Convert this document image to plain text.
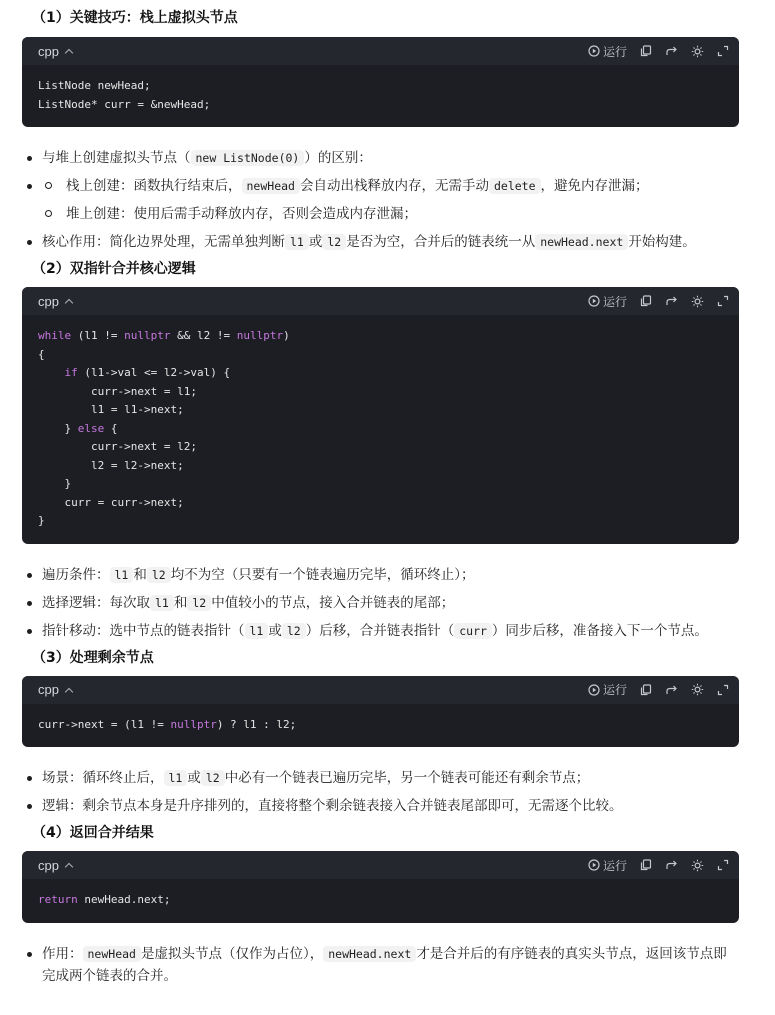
（1）关键技巧：栈上虚拟头节点
cpp	运行
ListNode newHead;
ListNode* curr = &newHead;
与堆上创建虚拟头节点（ new ListNode(0) ）的区别：
栈上创建：函数执行结束后， newHead 会自动出栈释放内存，无需手动 delete ，避免内存泄漏；
堆上创建：使用后需手动释放内存，否则会造成内存泄漏；
核心作用：简化边界处理，无需单独判断 l1 或 l2 是否为空，合并后的链表统一从 newHead.next 开始构建。
（2）双指针合并核心逻辑
cpp	运行
while (l1 != nullptr && l2 != nullptr)
{
if (l1->val <= l2->val) {
curr->next = l1;
l1 = l1->next;
} else {
curr->next = l2;
l2 = l2->next;
}
curr = curr->next;
}
遍历条件： l1 和 l2 均不为空（只要有一个链表遍历完毕，循环终止）；
选择逻辑：每次取 l1 和 l2 中值较小的节点，接入合并链表的尾部；
指针移动：选中节点的链表指针（ l1 或 l2 ）后移，合并链表指针（ curr ）同步后移，准备接入下一个节点。
（3）处理剩余节点
cpp	运行
curr->next = (l1 != nullptr) ? l1 : l2;
场景：循环终止后， l1 或 l2 中必有一个链表已遍历完毕，另一个链表可能还有剩余节点；
逻辑：剩余节点本身是升序排列的，直接将整个剩余链表接入合并链表尾部即可，无需逐个比较。
（4）返回合并结果
cpp	运行
return newHead.next;
作用： newHead 是虚拟头节点（仅作为占位）， newHead.next 才是合并后的有序链表的真实头节点，返回该节点即完成两个链表的合并。
